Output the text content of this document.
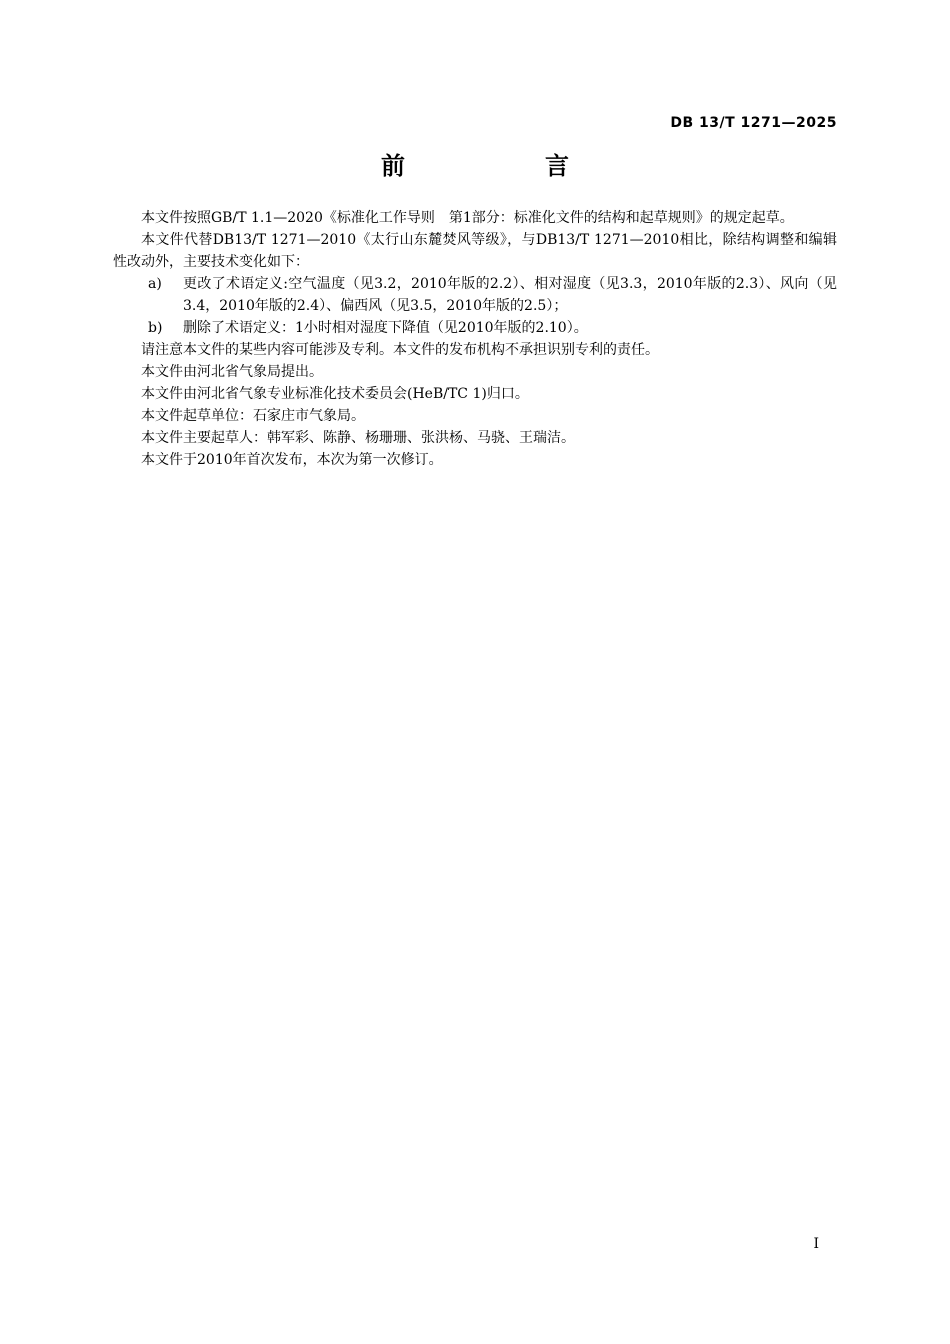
DB 13/T 1271—2025
前　言

本文件按照GB/T 1.1—2020《标准化工作导则　第1部分：标准化文件的结构和起草规则》的规定起草。

本文件代替DB13/T 1271—2010《太行山东麓焚风等级》，与DB13/T 1271—2010相比，除结构调整和编辑性改动外，主要技术变化如下：

a)	更改了术语定义:空气温度（见3.2，2010年版的2.2）、相对湿度（见3.3，2010年版的2.3）、风向（见3.4，2010年版的2.4）、偏西风（见3.5，2010年版的2.5）；
b)	删除了术语定义：1小时相对湿度下降值（见2010年版的2.10）。

请注意本文件的某些内容可能涉及专利。本文件的发布机构不承担识别专利的责任。

本文件由河北省气象局提出。

本文件由河北省气象专业标准化技术委员会(HeB/TC 1)归口。

本文件起草单位：石家庄市气象局。

本文件主要起草人：韩军彩、陈静、杨珊珊、张洪杨、马骁、王瑞洁。

本文件于2010年首次发布，本次为第一次修订。

I
